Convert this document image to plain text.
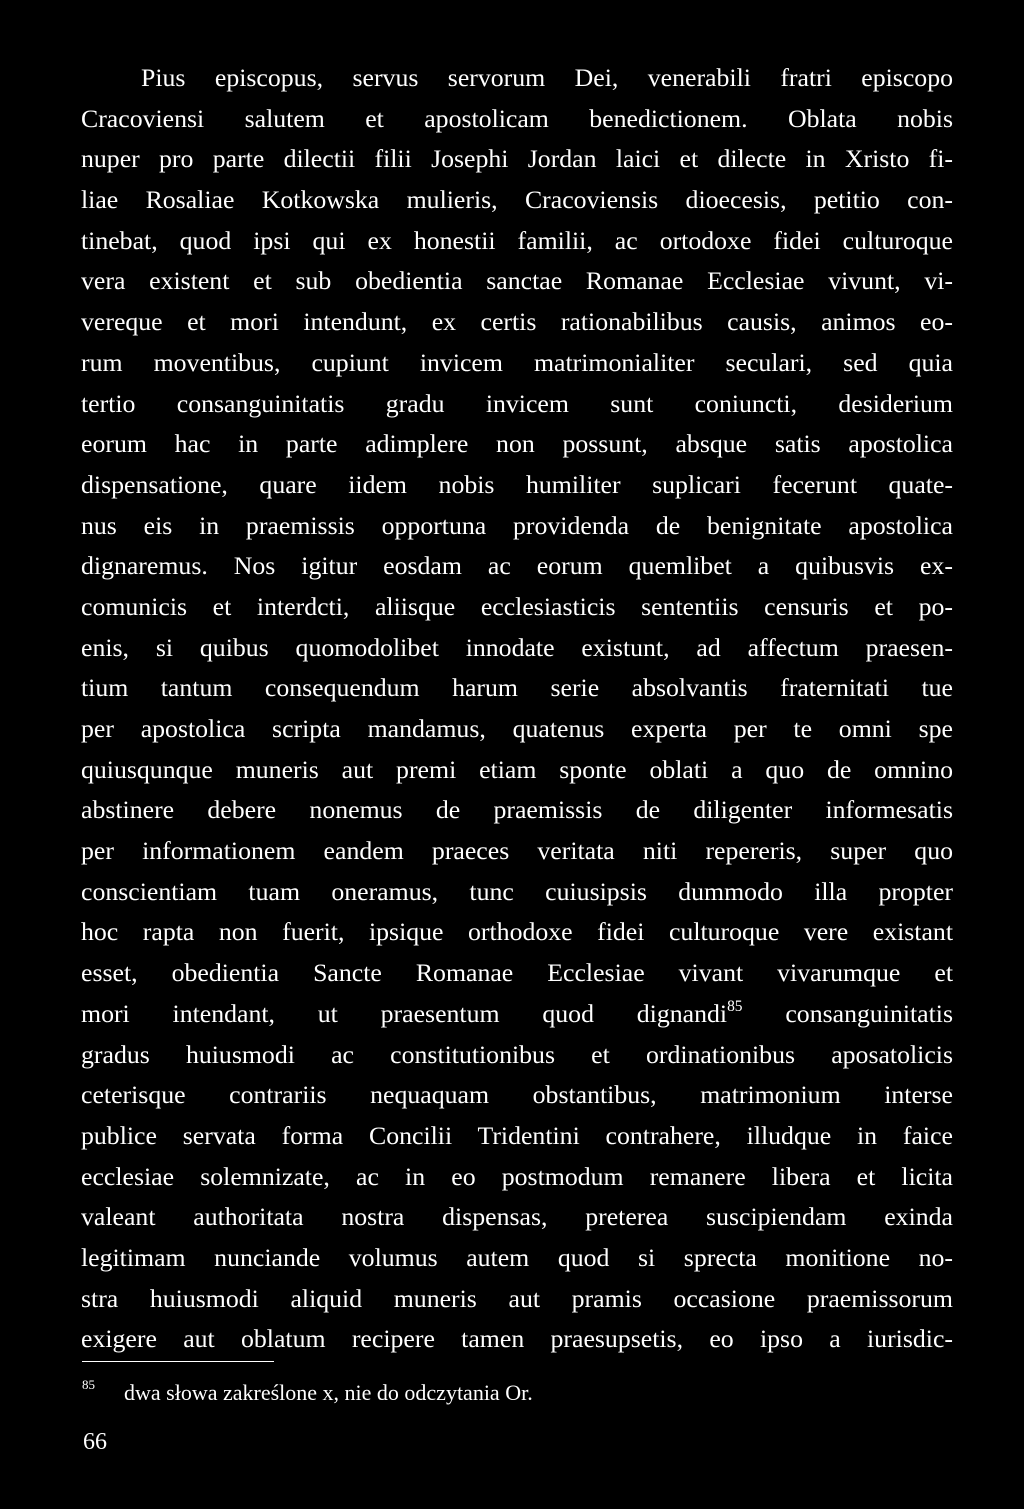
Pius episcopus, servus servorum Dei, venerabili fratri episcopo
Cracoviensi salutem et apostolicam benedictionem. Oblata nobis
nuper pro parte dilectii filii Josephi Jordan laici et dilecte in Xristo fi-
liae Rosaliae Kotkowska mulieris, Cracoviensis dioecesis, petitio con-
tinebat, quod ipsi qui ex honestii familii, ac ortodoxe fidei culturoque
vera existent et sub obedientia sanctae Romanae Ecclesiae vivunt, vi-
vereque et mori intendunt, ex certis rationabilibus causis, animos eo-
rum moventibus, cupiunt invicem matrimonialiter seculari, sed quia
tertio consanguinitatis gradu invicem sunt coniuncti, desiderium
eorum hac in parte adimplere non possunt, absque satis apostolica
dispensatione, quare iidem nobis humiliter suplicari fecerunt quate-
nus eis in praemissis opportuna providenda de benignitate apostolica
dignaremus. Nos igitur eosdam ac eorum quemlibet a quibusvis ex-
comunicis et interdcti, aliisque ecclesiasticis sententiis censuris et po-
enis, si quibus quomodolibet innodate existunt, ad affectum praesen-
tium tantum consequendum harum serie absolvantis fraternitati tue
per apostolica scripta mandamus, quatenus experta per te omni spe
quiusqunque muneris aut premi etiam sponte oblati a quo de omnino
abstinere debere nonemus de praemissis de diligenter informesatis
per informationem eandem praeces veritata niti repereris, super quo
conscientiam tuam oneramus, tunc cuiusipsis dummodo illa propter
hoc rapta non fuerit, ipsique orthodoxe fidei culturoque vere existant
esset, obedientia Sancte Romanae Ecclesiae vivant vivarumque et
mori intendant, ut praesentum quod dignandi$^{85}$ consanguinitatis
gradus huiusmodi ac constitutionibus et ordinationibus aposatolicis
ceterisque contrariis nequaquam obstantibus, matrimonium interse
publice servata forma Concilii Tridentini contrahere, illudque in faice
ecclesiae solemnizate, ac in eo postmodum remanere libera et licita
valeant authoritata nostra dispensas, preterea suscipiendam exinda
legitimam nunciande volumus autem quod si sprecta monitione no-
stra huiusmodi aliquid muneris aut pramis occasione praemissorum
exigere aut oblatum recipere tamen praesupsetis, eo ipso a iurisdic-
85 dwa słowa zakreślone x, nie do odczytania Or.
66
